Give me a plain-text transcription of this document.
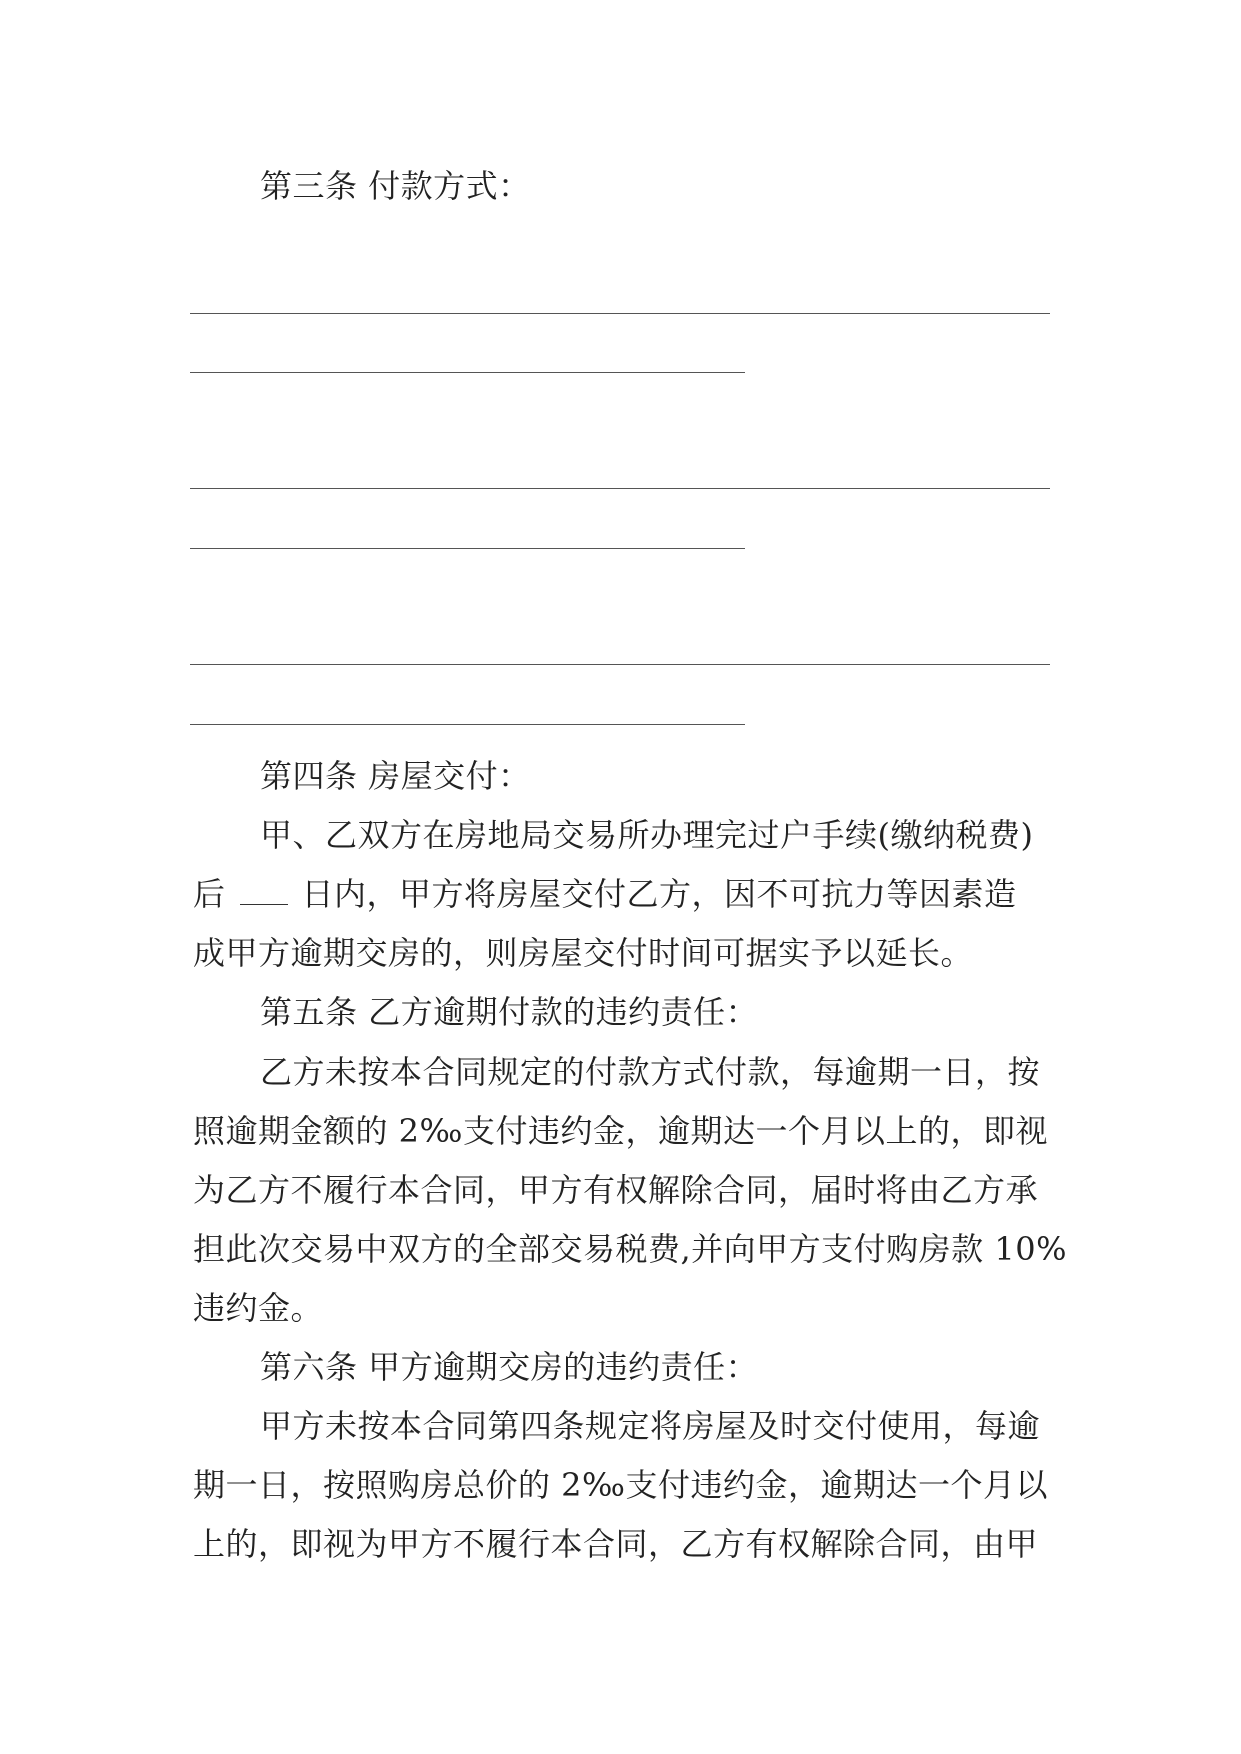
第三条 付款方式：
第四条 房屋交付：
甲、乙双方在房地局交易所办理完过户手续(缴纳税费)
后 日内，甲方将房屋交付乙方，因不可抗力等因素造
成甲方逾期交房的，则房屋交付时间可据实予以延长。
第五条 乙方逾期付款的违约责任：
乙方未按本合同规定的付款方式付款，每逾期一日，按
照逾期金额的 2‰支付违约金，逾期达一个月以上的，即视
为乙方不履行本合同，甲方有权解除合同，届时将由乙方承
担此次交易中双方的全部交易税费,并向甲方支付购房款 10%
违约金。
第六条 甲方逾期交房的违约责任：
甲方未按本合同第四条规定将房屋及时交付使用，每逾
期一日，按照购房总价的 2‰支付违约金，逾期达一个月以
上的，即视为甲方不履行本合同，乙方有权解除合同，由甲
